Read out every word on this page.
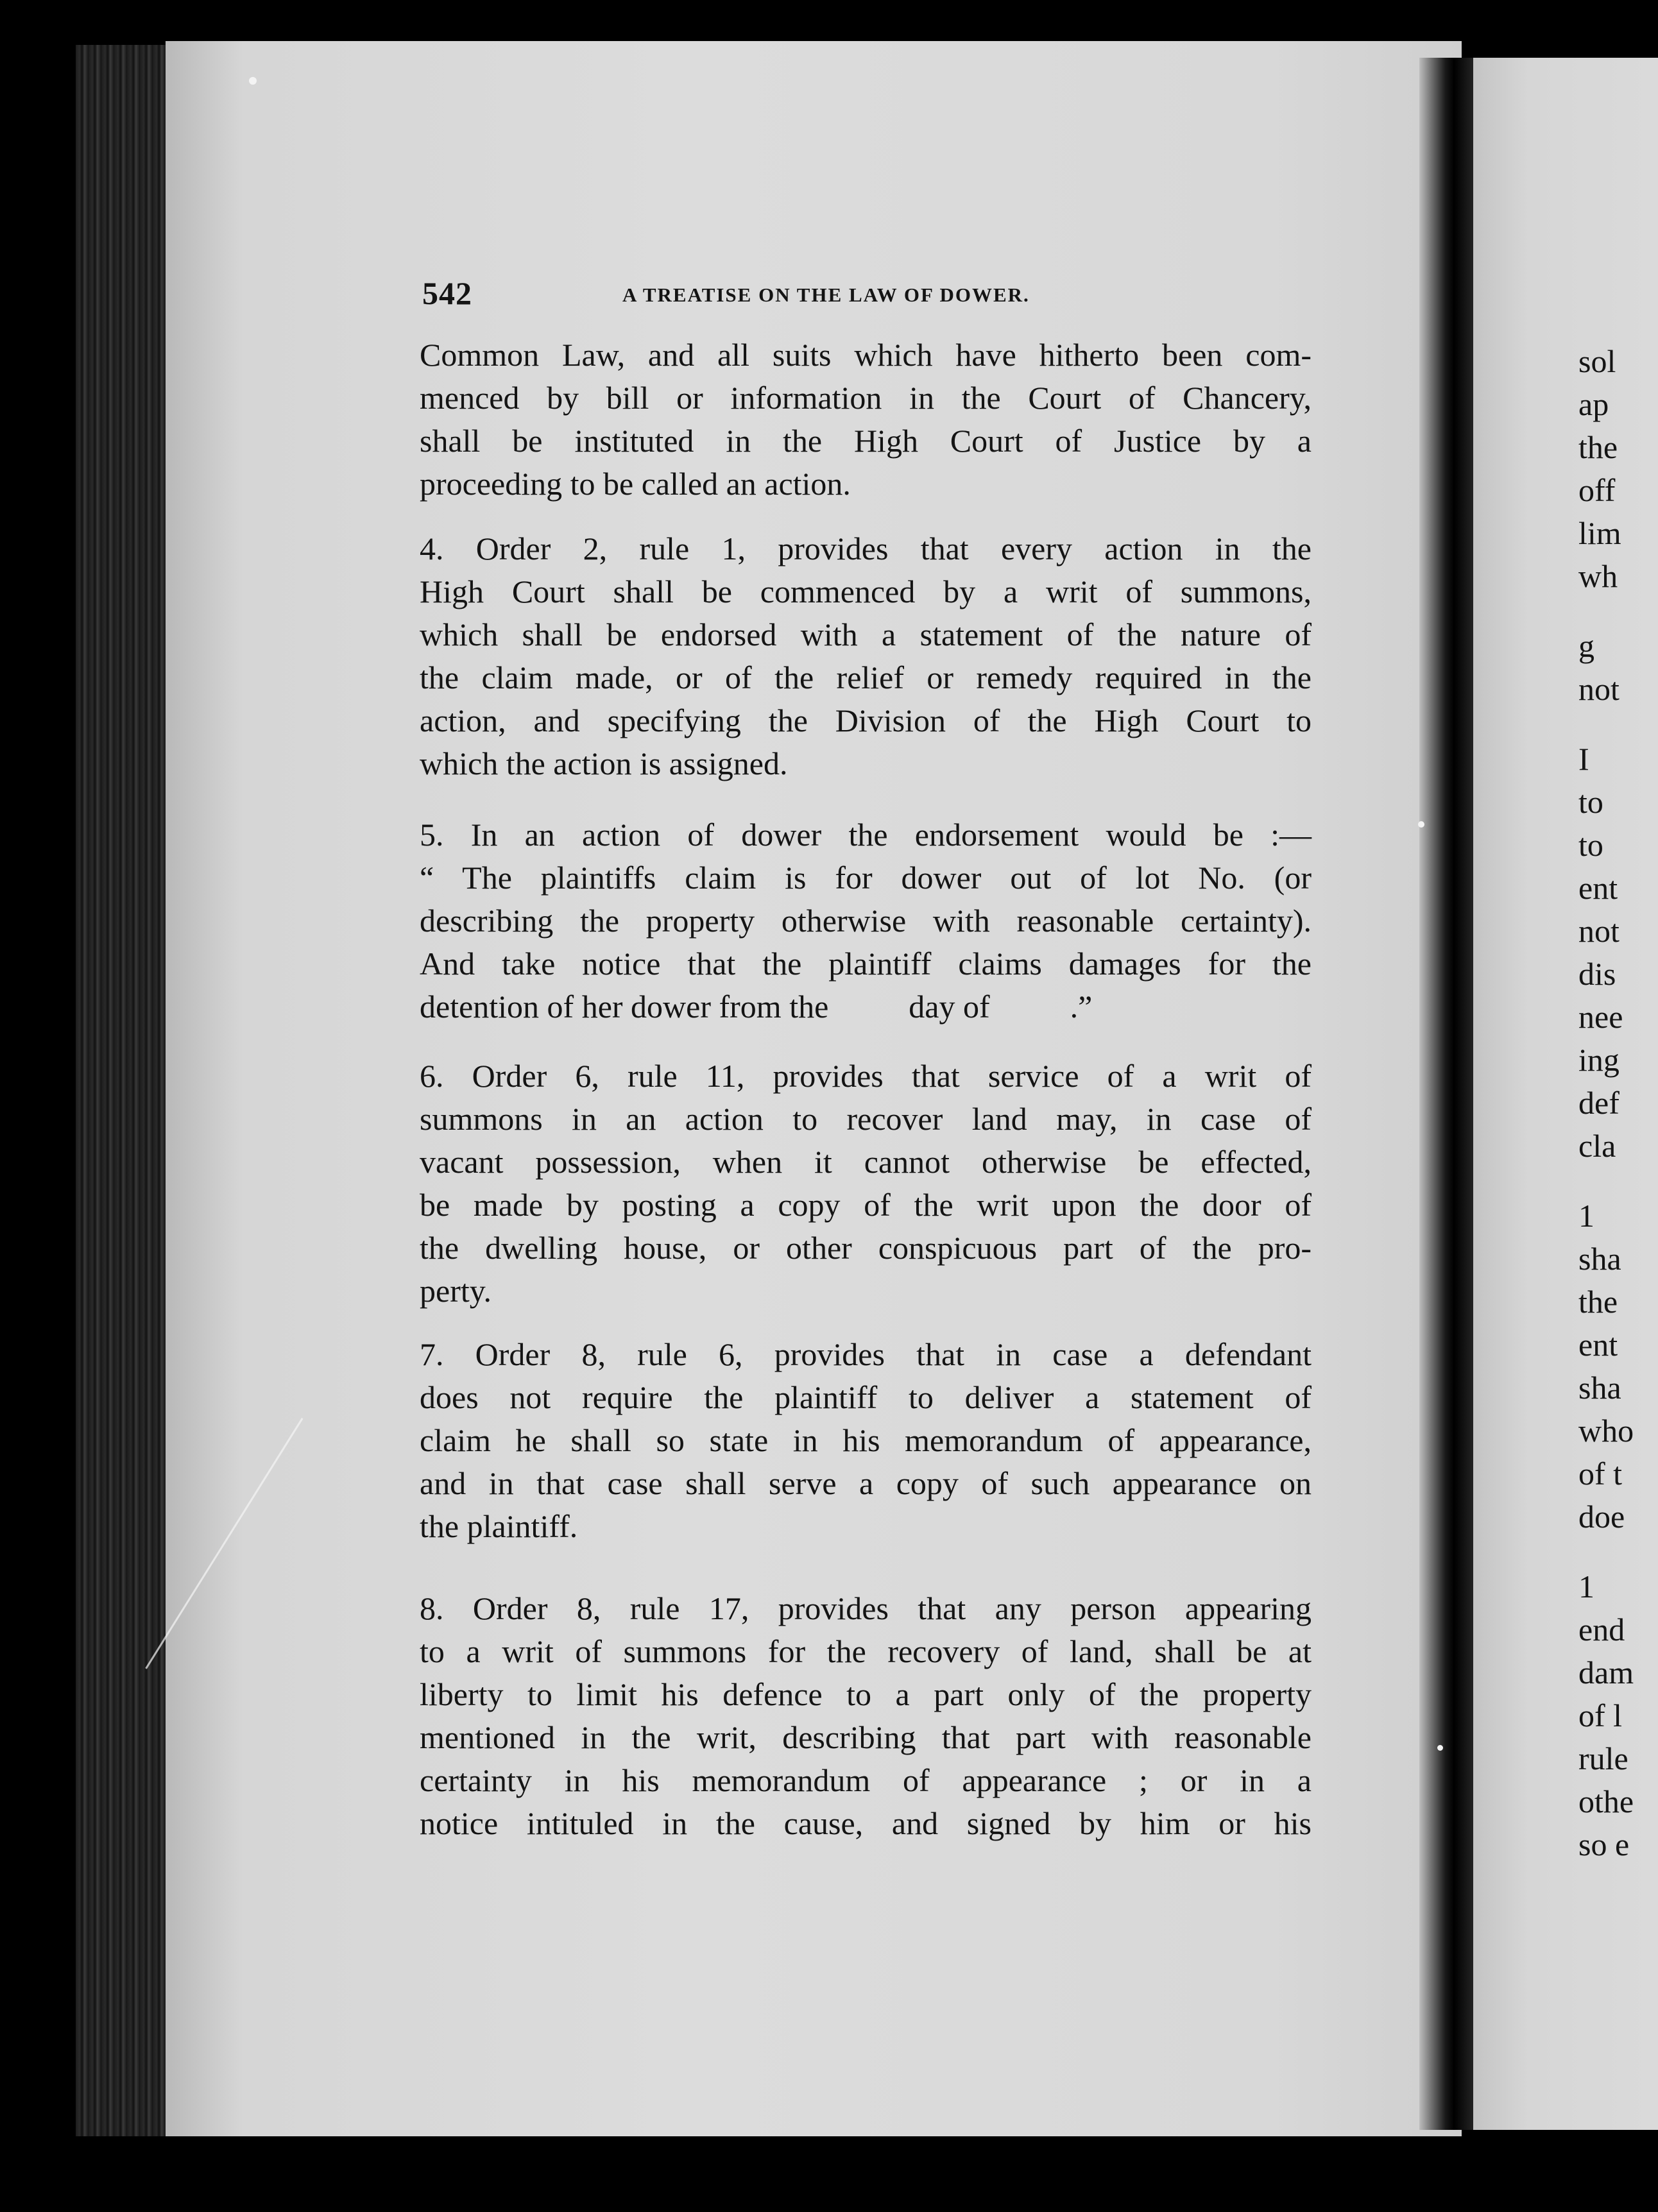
542	A TREATISE ON THE LAW OF DOWER.
Common Law, and all suits which have hitherto been com-
menced by bill or information in the Court of Chancery,
shall be instituted in the High Court of Justice by a
proceeding to be called an action.
4. Order 2, rule 1, provides that every action in the
High Court shall be commenced by a writ of summons,
which shall be endorsed with a statement of the nature of
the claim made, or of the relief or remedy required in the
action, and specifying the Division of the High Court to
which the action is assigned.
5. In an action of dower the endorsement would be :—
“ The plaintiffs claim is for dower out of lot No. (or
describing the property otherwise with reasonable certainty).
And take notice that the plaintiff claims damages for the
detention of her dower from the          day of          .”
6. Order 6, rule 11, provides that service of a writ of
summons in an action to recover land may, in case of
vacant possession, when it cannot otherwise be effected,
be made by posting a copy of the writ upon the door of
the dwelling house, or other conspicuous part of the pro-
perty.
7. Order 8, rule 6, provides that in case a defendant
does not require the plaintiff to deliver a statement of
claim he shall so state in his memorandum of appearance,
and in that case shall serve a copy of such appearance on
the plaintiff.
8. Order 8, rule 17, provides that any person appearing
to a writ of summons for the recovery of land, shall be at
liberty to limit his defence to a part only of the property
mentioned in the writ, describing that part with reasonable
certainty in his memorandum of appearance ; or in a
notice intituled in the cause, and signed by him or his
sol
ap
the
off
lim
wh
g
not
I
to
to
ent
not
dis
nee
ing
def
cla
1
sha
the
ent
sha
who
of t
doe
1
end
dam
of l
rule
othe
so e
